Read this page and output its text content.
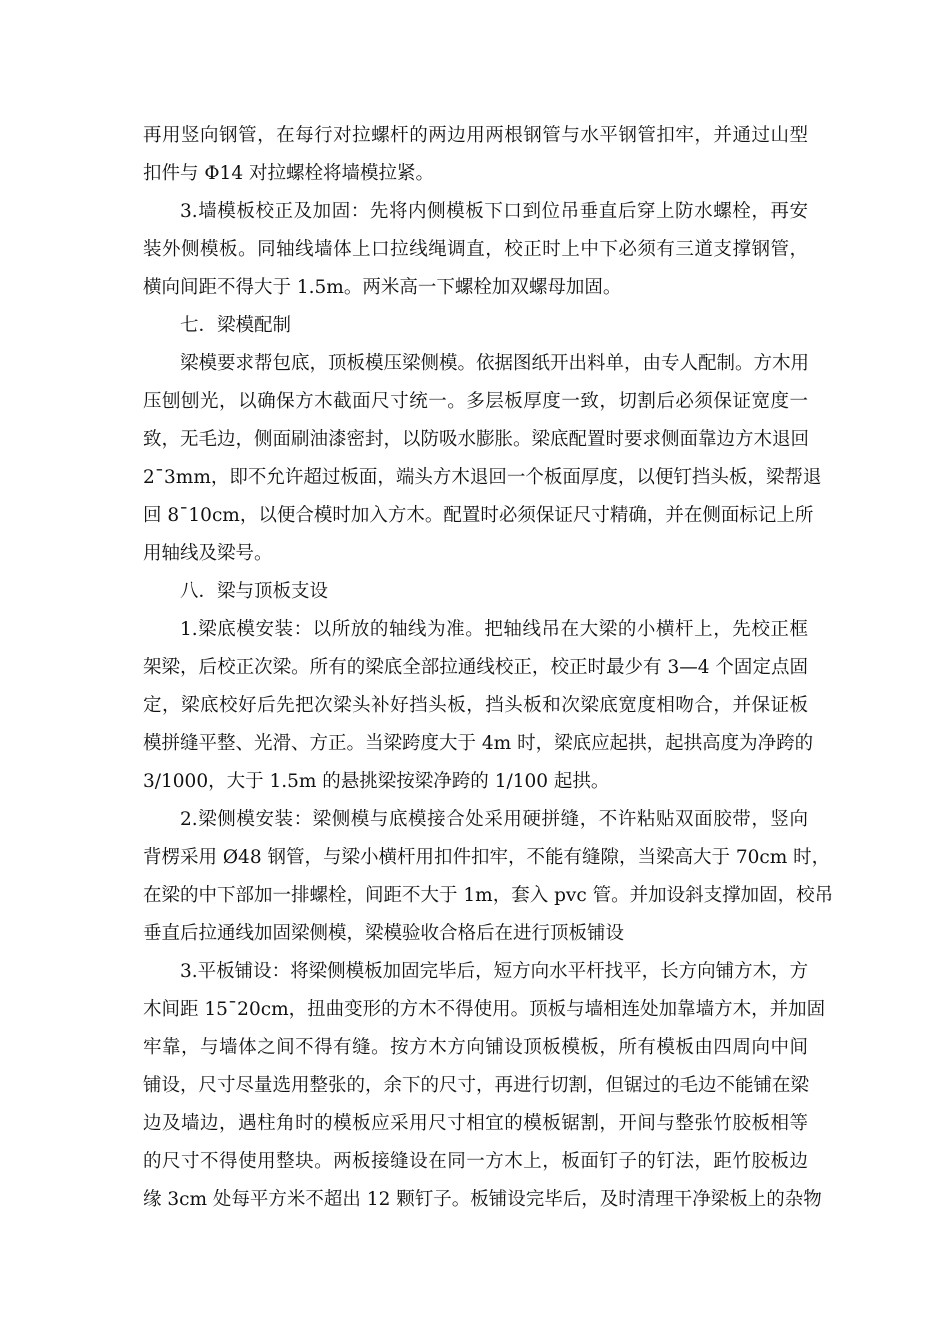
再用竖向钢管，在每行对拉螺杆的两边用两根钢管与水平钢管扣牢，并通过山型
扣件与 Φ14 对拉螺栓将墙模拉紧。
3.墙模板校正及加固：先将内侧模板下口到位吊垂直后穿上防水螺栓，再安
装外侧模板。同轴线墙体上口拉线绳调直，校正时上中下必须有三道支撑钢管，
横向间距不得大于 1.5m。两米高一下螺栓加双螺母加固。
七．梁模配制
梁模要求帮包底，顶板模压梁侧模。依据图纸开出料单，由专人配制。方木用
压刨刨光，以确保方木截面尺寸统一。多层板厚度一致，切割后必须保证宽度一
致，无毛边，侧面刷油漆密封，以防吸水膨胀。梁底配置时要求侧面靠边方木退回
2¯3mm，即不允许超过板面，端头方木退回一个板面厚度，以便钉挡头板，梁帮退
回 8¯10cm，以便合模时加入方木。配置时必须保证尺寸精确，并在侧面标记上所
用轴线及梁号。
八．梁与顶板支设
1.梁底模安装：以所放的轴线为准。把轴线吊在大梁的小横杆上，先校正框
架梁，后校正次梁。所有的梁底全部拉通线校正，校正时最少有 3—4 个固定点固
定，梁底校好后先把次梁头补好挡头板，挡头板和次梁底宽度相吻合，并保证板
模拼缝平整、光滑、方正。当梁跨度大于 4m 时，梁底应起拱，起拱高度为净跨的
3/1000，大于 1.5m 的悬挑梁按梁净跨的 1/100 起拱。
2.梁侧模安装：梁侧模与底模接合处采用硬拼缝，不许粘贴双面胶带，竖向
背楞采用 Ø48 钢管，与梁小横杆用扣件扣牢，不能有缝隙，当梁高大于 70cm 时，
在梁的中下部加一排螺栓，间距不大于 1m，套入 pvc 管。并加设斜支撑加固，校吊
垂直后拉通线加固梁侧模，梁模验收合格后在进行顶板铺设
3.平板铺设：将梁侧模板加固完毕后，短方向水平杆找平，长方向铺方木，方
木间距 15¯20cm，扭曲变形的方木不得使用。顶板与墙相连处加靠墙方木，并加固
牢靠，与墙体之间不得有缝。按方木方向铺设顶板模板，所有模板由四周向中间
铺设，尺寸尽量选用整张的，余下的尺寸，再进行切割，但锯过的毛边不能铺在梁
边及墙边，遇柱角时的模板应采用尺寸相宜的模板锯割，开间与整张竹胶板相等
的尺寸不得使用整块。两板接缝设在同一方木上，板面钉子的钉法，距竹胶板边
缘 3cm 处每平方米不超出 12 颗钉子。板铺设完毕后，及时清理干净梁板上的杂物
